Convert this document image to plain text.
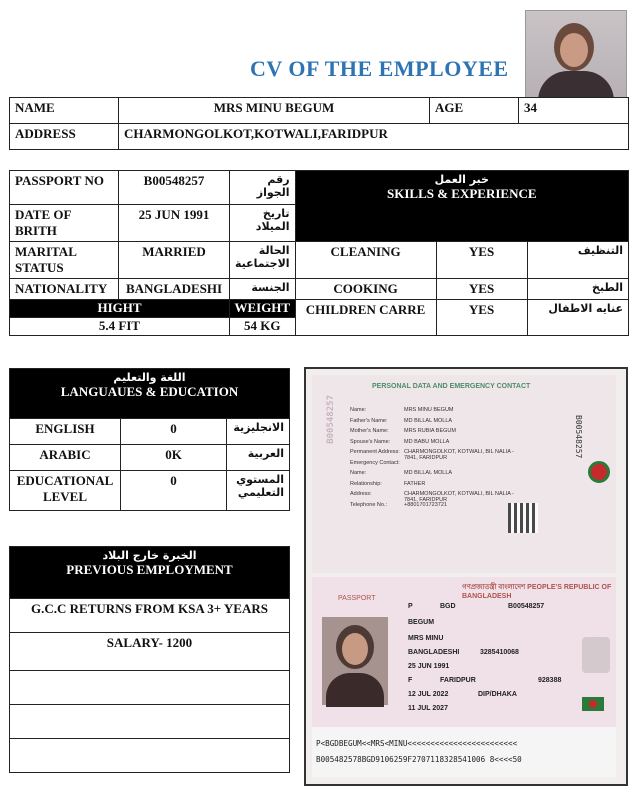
CV OF THE EMPLOYEE
NAME	MRS MINU BEGUM	AGE	34
ADDRESS	CHARMONGOLKOT,KOTWALI,FARIDPUR		
PASSPORT NO	B00548257	رقم الجواز	خبر العمل
SKILLS & EXPERIENCE		

DATE OF BRITH	25 JUN 1991	تاريخ الميلاد			
MARITAL STATUS	MARRIED	الحالة الاجتماعية	CLEANING	YES	التنظيف
NATIONALITY	BANGLADESHI	الجنسة	COOKING	YES	الطبخ
HIGHT		WEIGHT	CHILDREN CARRE	YES	عنايه الاطفال
5.4 FIT		54 KG			
اللغة والتعليم
LANGUAUES & EDUCATION		

ENGLISH	0	الانجليزية
ARABIC	0K	العربية
EDUCATIONAL LEVEL	0	المستوي التعليمي
الخبرة خارج البلاد
PREVIOUS EMPLOYMENT

G.C.C RETURNS FROM KSA 3+ YEARS
SALARY- 1200

B00548257
PERSONAL DATA AND EMERGENCY CONTACT
Name:	MRS MINU BEGUM
Father's Name:	MD BILLAL MOLLA
Mother's Name:	MRS RUBIA BEGUM
Spouse's Name:	MD BABU MOLLA
Permanent Address: CHARMONGOLKOT, KOTWALI, BIL NALIA - 7841, FARIDPUR
Emergency Contact:
Name:	MD BILLAL MOLLA
Relationship:	FATHER
Address:	CHARMONGOLKOT, KOTWALI, BIL NALIA - 7841, FARIDPUR
Telephone No.:	+8801701723721
B00548257
গণপ্রজাতন্ত্রী বাংলাদেশ PEOPLE'S REPUBLIC OF BANGLADESH
PASSPORT
P	BGD	B00548257
BEGUM
MRS MINU
BANGLADESHI	3285410068
25 JUN 1991
F	FARIDPUR	928388
12 JUL 2022	DIP/DHAKA
11 JUL 2027
P<BGDBEGUM<<MRS<MINU<<<<<<<<<<<<<<<<<<<<<<<<
B005482578BGD9106259F2707118328541006 8<<<<50
